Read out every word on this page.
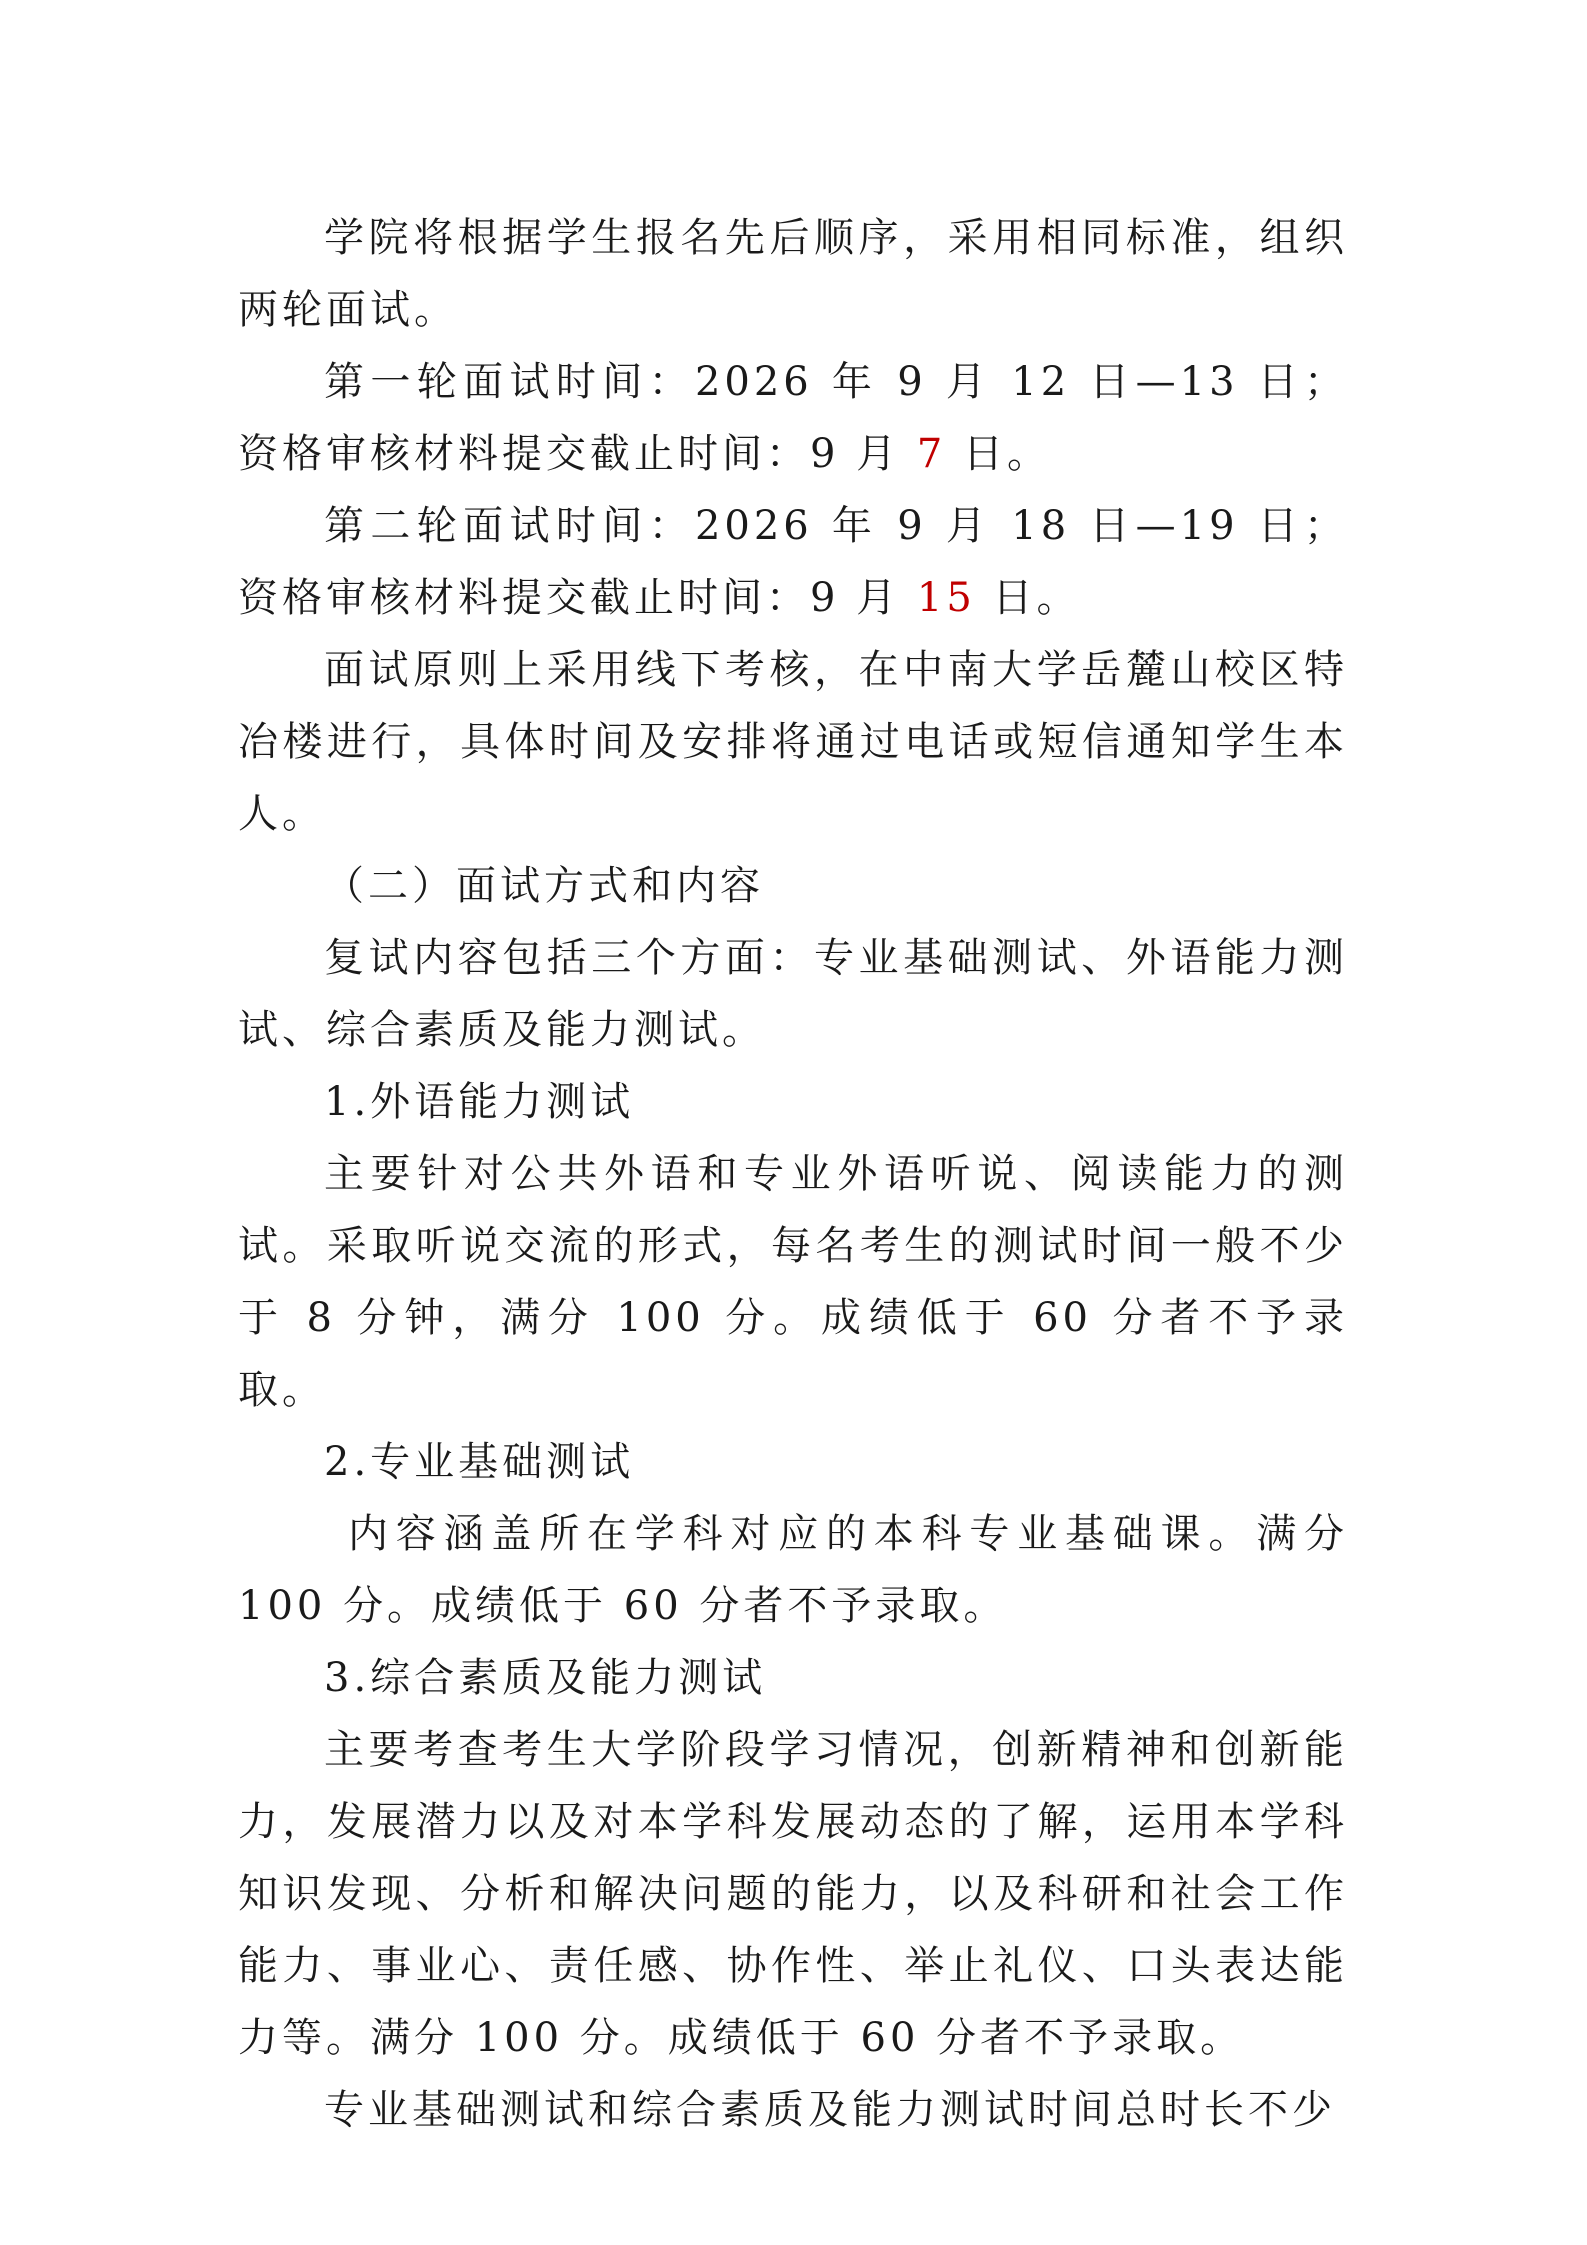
学院将根据学生报名先后顺序，采用相同标准，组织两轮面试。

第一轮面试时间：2026 年 9 月 12 日—13 日；资格审核材料提交截止时间：9 月 7 日。

第二轮面试时间：2026 年 9 月 18 日—19 日；资格审核材料提交截止时间：9 月 15 日。

面试原则上采用线下考核，在中南大学岳麓山校区特冶楼进行，具体时间及安排将通过电话或短信通知学生本人。

（二）面试方式和内容

复试内容包括三个方面：专业基础测试、外语能力测试、综合素质及能力测试。

1.外语能力测试

主要针对公共外语和专业外语听说、阅读能力的测试。采取听说交流的形式，每名考生的测试时间一般不少于 8 分钟，满分 100 分。成绩低于 60 分者不予录取。

2.专业基础测试

内容涵盖所在学科对应的本科专业基础课。满分 100 分。成绩低于 60 分者不予录取。

3.综合素质及能力测试

主要考查考生大学阶段学习情况，创新精神和创新能力，发展潜力以及对本学科发展动态的了解，运用本学科知识发现、分析和解决问题的能力，以及科研和社会工作能力、事业心、责任感、协作性、举止礼仪、口头表达能力等。满分 100 分。成绩低于 60 分者不予录取。

专业基础测试和综合素质及能力测试时间总时长不少
